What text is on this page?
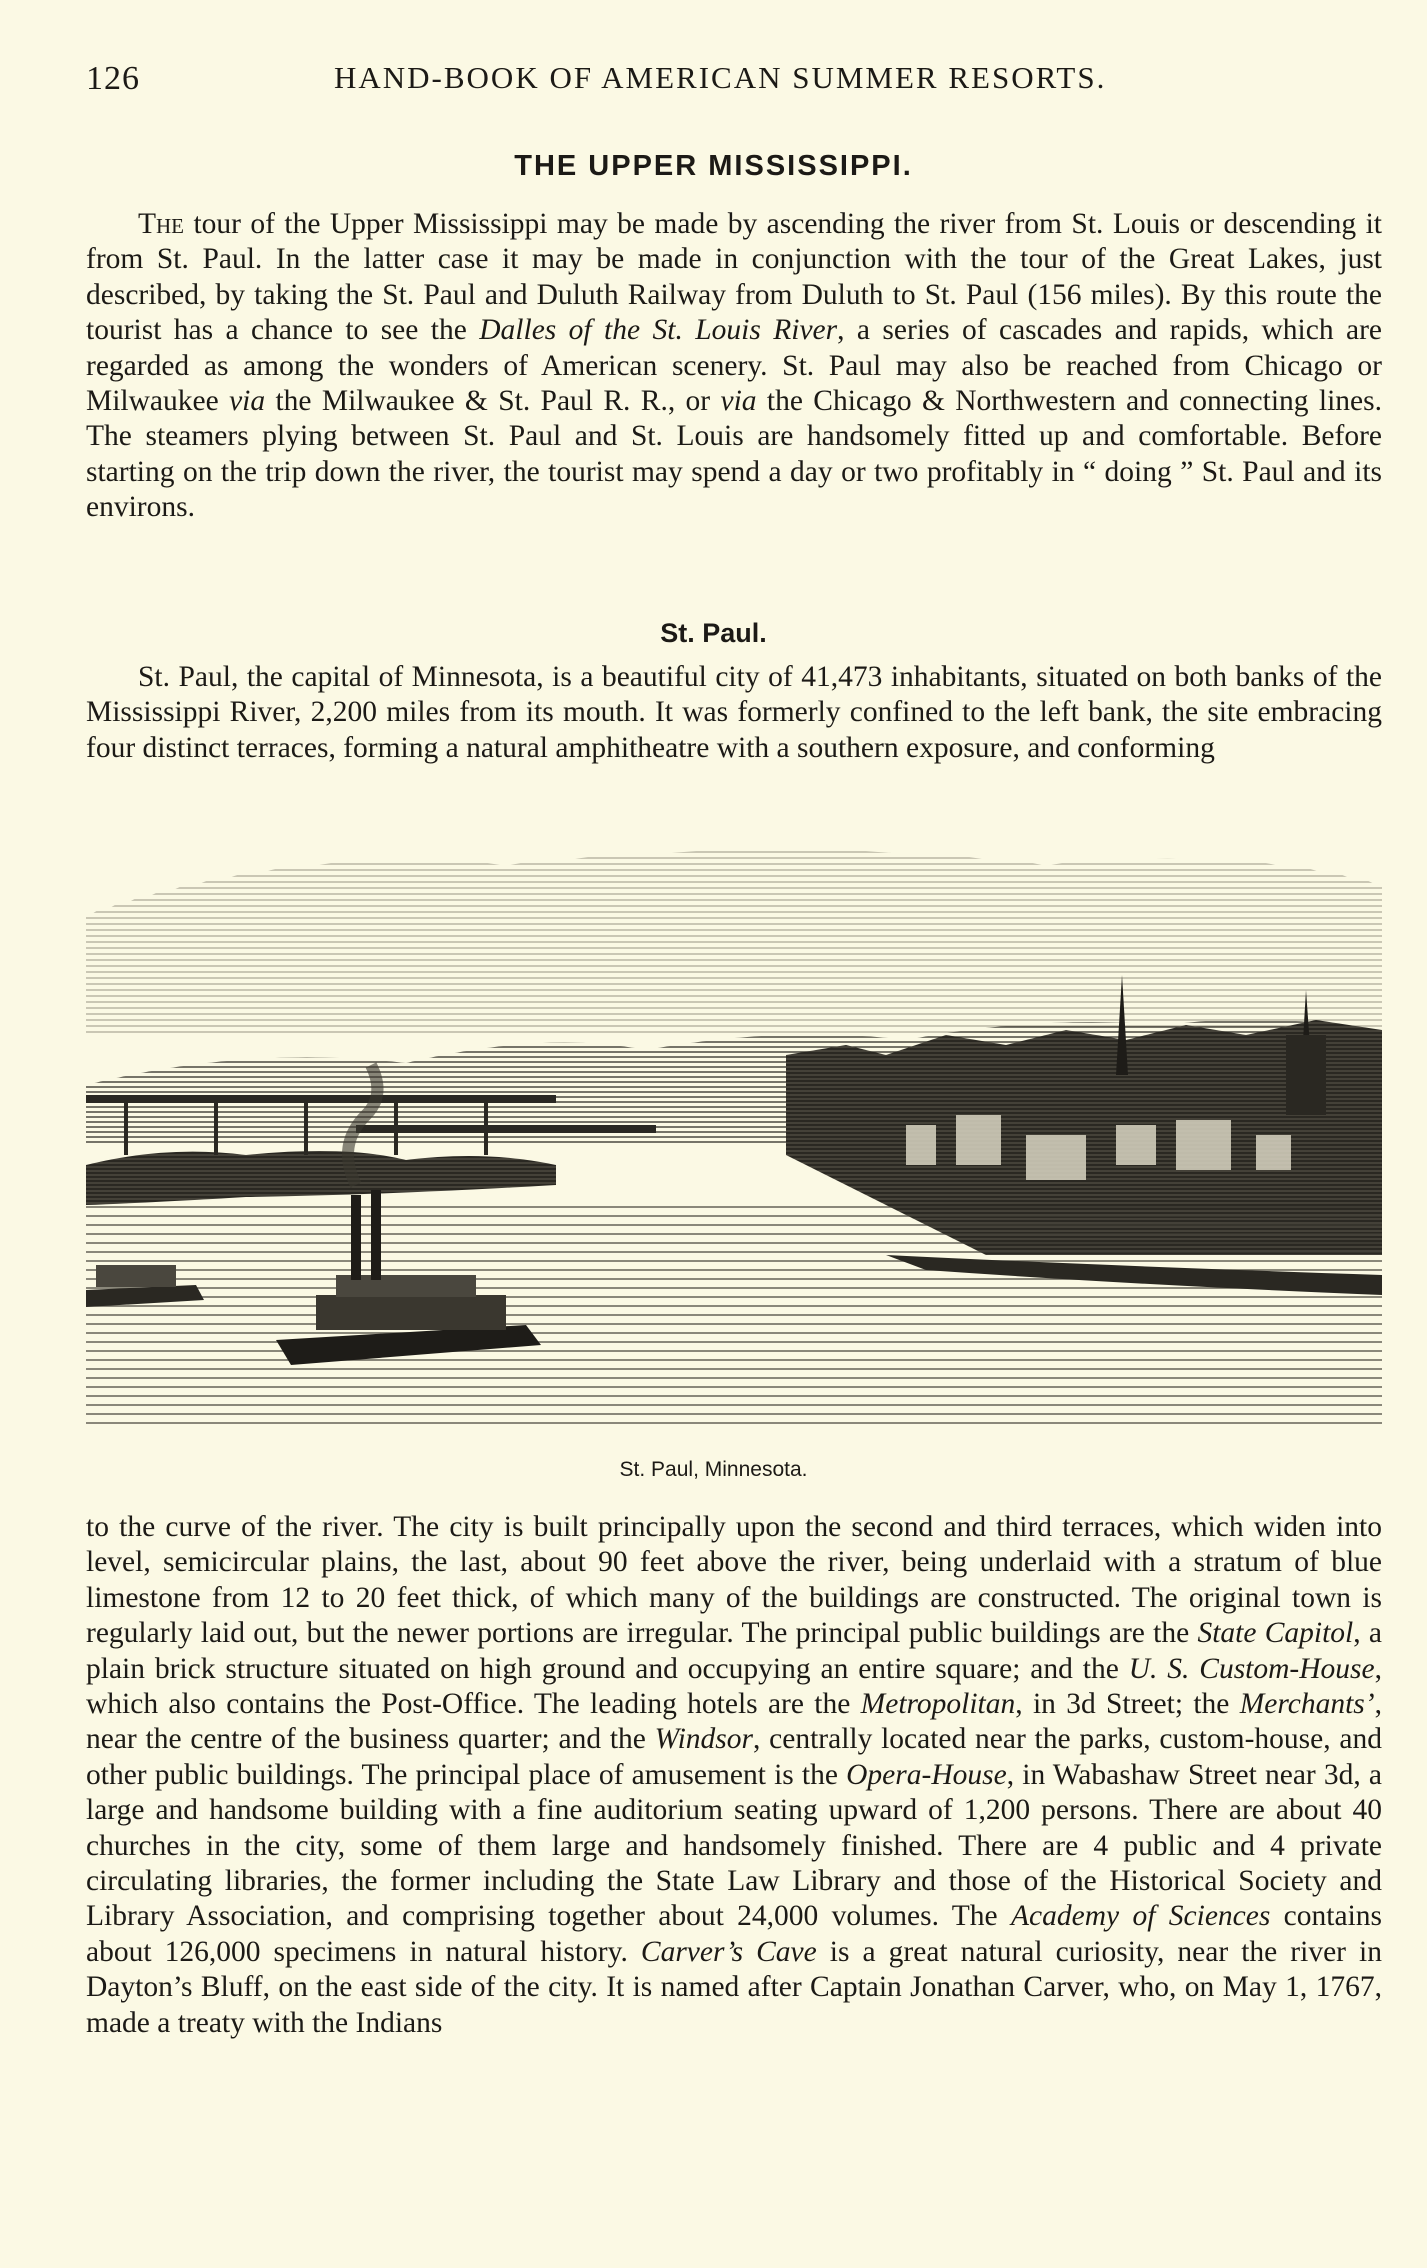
126	HAND-BOOK OF AMERICAN SUMMER RESORTS.
THE UPPER MISSISSIPPI.

The tour of the Upper Mississippi may be made by ascending the river from St. Louis or descending it from St. Paul. In the latter case it may be made in conjunction with the tour of the Great Lakes, just described, by taking the St. Paul and Duluth Railway from Duluth to St. Paul (156 miles). By this route the tourist has a chance to see the Dalles of the St. Louis River, a series of cascades and rapids, which are regarded as among the wonders of American scenery. St. Paul may also be reached from Chicago or Milwaukee via the Milwaukee & St. Paul R. R., or via the Chicago & Northwestern and connecting lines. The steamers plying between St. Paul and St. Louis are handsomely fitted up and comfortable. Before starting on the trip down the river, the tourist may spend a day or two profitably in “ doing ” St. Paul and its environs.

St. Paul.

St. Paul, the capital of Minnesota, is a beautiful city of 41,473 inhabitants, situated on both banks of the Mississippi River, 2,200 miles from its mouth. It was formerly confined to the left bank, the site embracing four distinct terraces, forming a natural amphitheatre with a southern exposure, and conforming

St. Paul, Minnesota.

to the curve of the river. The city is built principally upon the second and third terraces, which widen into level, semicircular plains, the last, about 90 feet above the river, being underlaid with a stratum of blue limestone from 12 to 20 feet thick, of which many of the buildings are constructed. The original town is regularly laid out, but the newer portions are irregular. The principal public buildings are the State Capitol, a plain brick structure situated on high ground and occupying an entire square; and the U. S. Custom-House, which also contains the Post-Office. The leading hotels are the Metropolitan, in 3d Street; the Merchants’, near the centre of the business quarter; and the Windsor, centrally located near the parks, custom-house, and other public buildings. The principal place of amusement is the Opera-House, in Wabashaw Street near 3d, a large and handsome building with a fine auditorium seating upward of 1,200 persons. There are about 40 churches in the city, some of them large and handsomely finished. There are 4 public and 4 private circulating libraries, the former including the State Law Library and those of the Historical Society and Library Association, and comprising together about 24,000 volumes. The Academy of Sciences contains about 126,000 specimens in natural history. Carver’s Cave is a great natural curiosity, near the river in Dayton’s Bluff, on the east side of the city. It is named after Captain Jonathan Carver, who, on May 1, 1767, made a treaty with the Indians
